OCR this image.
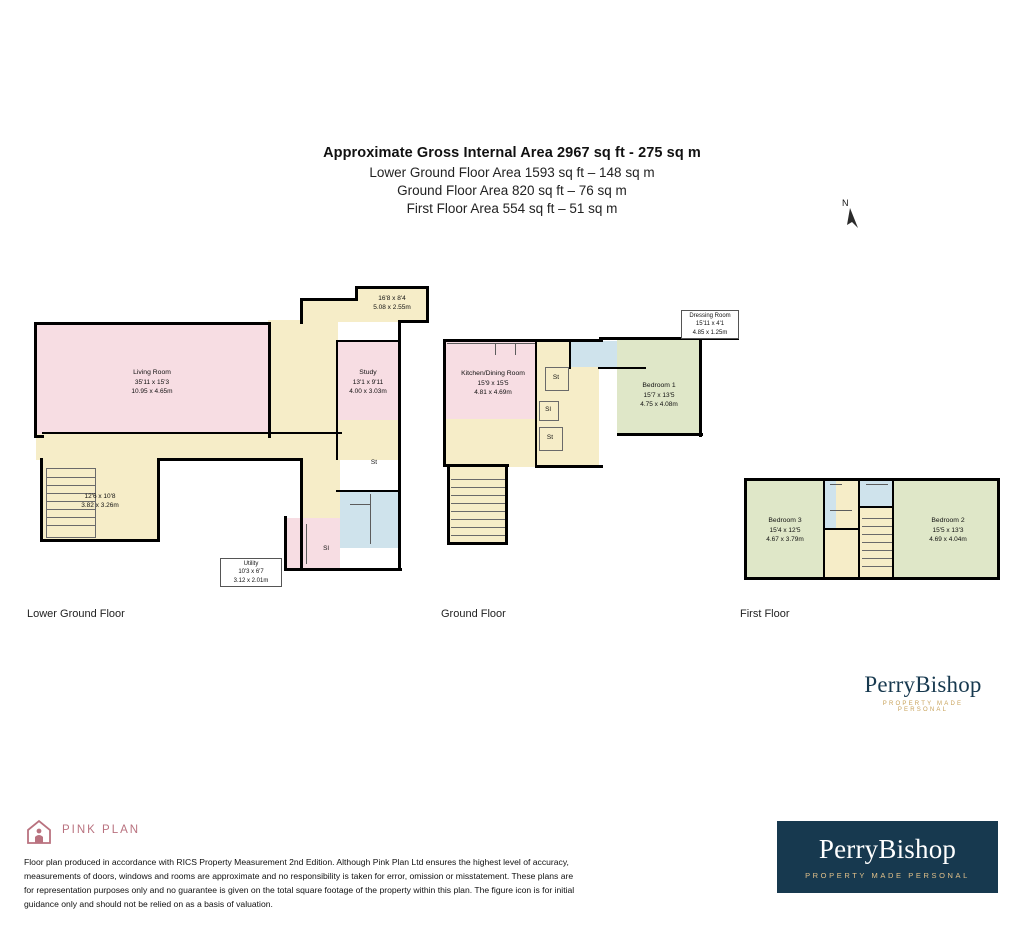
Approximate Gross Internal Area 2967 sq ft - 275 sq m
Lower Ground Floor Area 1593 sq ft – 148 sq m
Ground Floor Area 820 sq ft – 76 sq m
First Floor Area 554 sq ft – 51 sq m	N
Living Room
35'11 x 15'3
10.95 x 4.65m
Study
13'1 x 9'11
4.00 x 3.03m
16'8 x 8'4
5.08 x 2.55m
12'6 x 10'8
3.82 x 3.26m
St
Utility
10'3 x 6'7
3.12 x 2.01m
Sl
Lower Ground Floor
Kitchen/Dining Room
15'9 x 15'5
4.81 x 4.69m
Bedroom 1
15'7 x 13'5
4.75 x 4.08m
Dressing Room
15'11 x 4'1
4.85 x 1.25m
St
Sl
St
Ground Floor
Bedroom 3
15'4 x 12'5
4.67 x 3.79m
Bedroom 2
15'5 x 13'3
4.69 x 4.04m
First Floor
PerryBishop
PROPERTY MADE PERSONAL
PINK PLAN
Floor plan produced in accordance with RICS Property Measurement 2nd Edition. Although Pink Plan Ltd ensures the highest level of accuracy, measurements of doors, windows and rooms are approximate and no responsibility is taken for error, omission or misstatement. These plans are for representation purposes only and no guarantee is given on the total square footage of the property within this plan. The figure icon is for initial guidance only and should not be relied on as a basis of valuation.
PerryBishop
PROPERTY MADE PERSONAL
